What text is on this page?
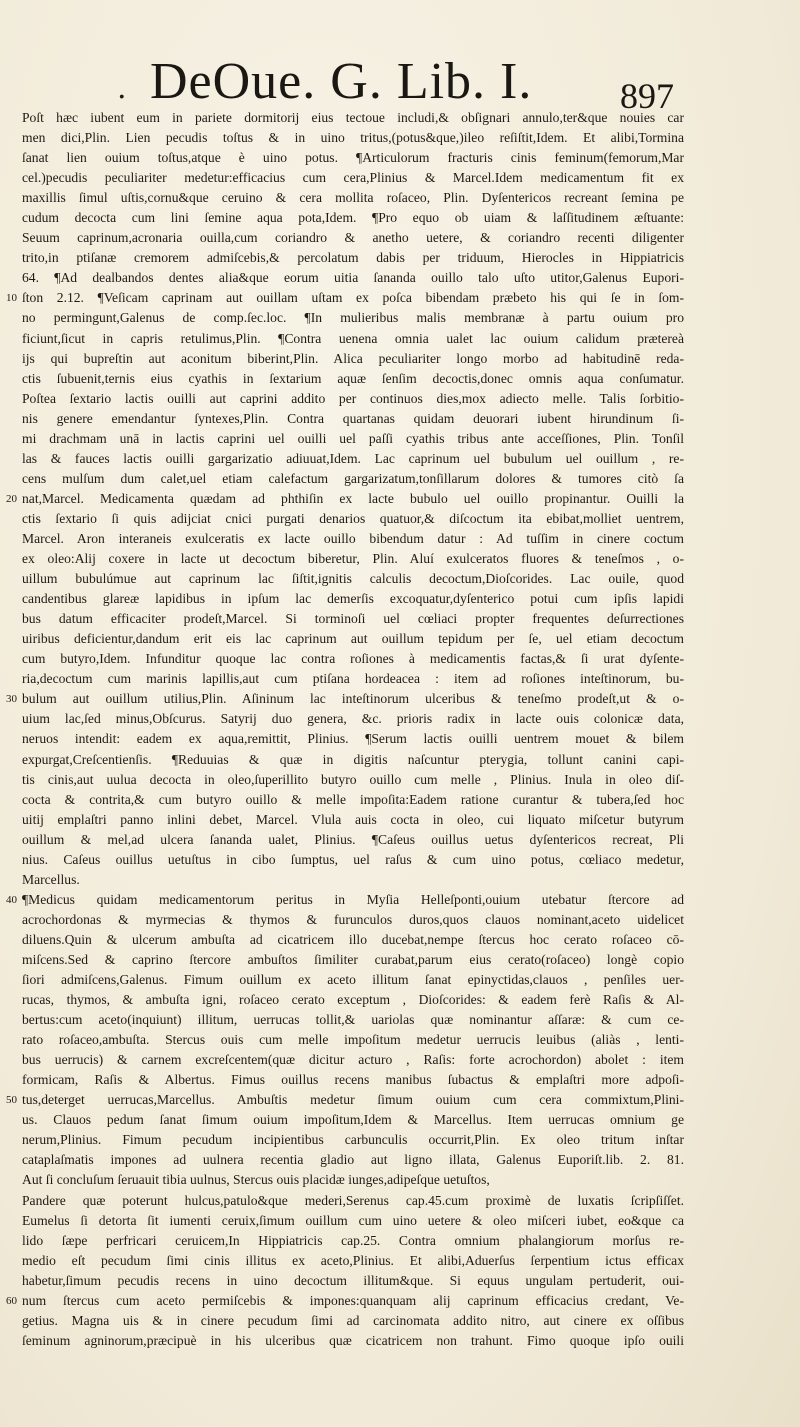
. DeOue. G. Lib. I. 897
Poſt hæc iubent eum in pariete dormitorij eius tectoue includi,& obſignari annulo,ter&que nouies car
men dici,Plin. Lien pecudis toſtus & in uino tritus,(potus&que,)ileo reſiſtit,Idem. Et alibi,Tormina
ſanat lien ouium toſtus,atque è uino potus. ¶Articulorum fracturis cinis feminum(femorum,Mar
cel.)pecudis peculiariter medetur:efficacius cum cera,Plinius & Marcel.Idem medicamentum fit ex
maxillis ſimul uſtis,cornu&que ceruino & cera mollita roſaceo, Plin. Dyſentericos recreant ſemina pe
cudum decocta cum lini ſemine aqua pota,Idem. ¶Pro equo ob uiam & laſſitudinem æſtuante:
Seuum caprinum,acronaria ouilla,cum coriandro & anetho uetere, & coriandro recenti diligenter
trito,in ptiſanæ cremorem admiſcebis,& percolatum dabis per triduum, Hierocles in Hippiatricis
64. ¶Ad dealbandos dentes alia&que eorum uitia ſananda ouillo talo uſto utitor,Galenus Eupori-
10 ſton 2.12. ¶Veſicam caprinam aut ouillam uſtam ex poſca bibendam præbeto his qui ſe in ſom-
no permingunt,Galenus de comp.ſec.loc. ¶In mulieribus malis membranæ à partu ouium pro
ficiunt,ſicut in capris retulimus,Plin. ¶Contra uenena omnia ualet lac ouium calidum prætereà
ijs qui bupreſtin aut aconitum biberint,Plin. Alica peculiariter longo morbo ad habitudinē reda-
ctis ſubuenit,ternis eius cyathis in ſextarium aquæ ſenſim decoctis,donec omnis aqua conſumatur.
Poſtea ſextario lactis ouilli aut caprini addito per continuos dies,mox adiecto melle. Talis ſorbitio-
nis genere emendantur ſyntexes,Plin. Contra quartanas quidam deuorari iubent hirundinum ſi-
mi drachmam unā in lactis caprini uel ouilli uel paſſi cyathis tribus ante acceſſiones, Plin. Tonſil
las & fauces lactis ouilli gargarizatio adiuuat,Idem. Lac caprinum uel bubulum uel ouillum , re-
cens mulſum dum calet,uel etiam calefactum gargarizatum,tonſillarum dolores & tumores citò ſa
20 nat,Marcel. Medicamenta quædam ad phthiſin ex lacte bubulo uel ouillo propinantur. Ouilli la
ctis ſextario ſi quis adijciat cnici purgati denarios quatuor,& diſcoctum ita ebibat,molliet uentrem,
Marcel. Aron interaneis exulceratis ex lacte ouillo bibendum datur : Ad tuſſim in cinere coctum
ex oleo:Alij coxere in lacte ut decoctum biberetur, Plin. Aluí exulceratos fluores & teneſmos , o-
uillum bubulúmue aut caprinum lac ſiſtit,ignitis calculis decoctum,Dioſcorides. Lac ouile, quod
candentibus glareæ lapidibus in ipſum lac demerſis excoquatur,dyſenterico potui cum ipſis lapidi
bus datum efficaciter prodeſt,Marcel. Si torminoſi uel cœliaci propter frequentes deſurrectiones
uiribus deficientur,dandum erit eis lac caprinum aut ouillum tepidum per ſe, uel etiam decoctum
cum butyro,Idem. Infunditur quoque lac contra roſiones à medicamentis factas,& ſi urat dyſente-
ria,decoctum cum marinis lapillis,aut cum ptiſana hordeacea : item ad roſiones inteſtinorum, bu-
30 bulum aut ouillum utilius,Plin. Aſininum lac inteſtinorum ulceribus & teneſmo prodeſt,ut & o-
uium lac,ſed minus,Obſcurus. Satyrij duo genera, &c. prioris radix in lacte ouis colonicæ data,
neruos intendit: eadem ex aqua,remittit, Plinius. ¶Serum lactis ouilli uentrem mouet & bilem
expurgat,Creſcentienſis. ¶Reduuias & quæ in digitis naſcuntur pterygia, tollunt canini capi-
tis cinis,aut uulua decocta in oleo,ſuperillito butyro ouillo cum melle , Plinius. Inula in oleo diſ-
cocta & contrita,& cum butyro ouillo & melle impoſita:Eadem ratione curantur & tubera,ſed hoc
uitij emplaſtri panno inlini debet, Marcel. Vlula auis cocta in oleo, cui liquato miſcetur butyrum
ouillum & mel,ad ulcera ſananda ualet, Plinius. ¶Caſeus ouillus uetus dyſentericos recreat, Pli
nius. Caſeus ouillus uetuſtus in cibo ſumptus, uel raſus & cum uino potus, cœliaco medetur,
Marcellus.
40 ¶Medicus quidam medicamentorum peritus in Myſia Helleſponti,ouium utebatur ſtercore ad
acrochordonas & myrmecias & thymos & furunculos duros,quos clauos nominant,aceto uidelicet
diluens.Quin & ulcerum ambuſta ad cicatricem illo ducebat,nempe ſtercus hoc cerato roſaceo cō-
miſcens.Sed & caprino ſtercore ambuſtos ſimiliter curabat,parum eius cerato(roſaceo) longè copio
ſiori admiſcens,Galenus. Fimum ouillum ex aceto illitum ſanat epinyctidas,clauos , penſiles uer-
rucas, thymos, & ambuſta igni, roſaceo cerato exceptum , Dioſcorides: & eadem ferè Raſis & Al-
bertus:cum aceto(inquiunt) illitum, uerrucas tollit,& uariolas quæ nominantur aſſaræ: & cum ce-
rato roſaceo,ambuſta. Stercus ouis cum melle impoſitum medetur uerrucis leuibus (aliàs , lenti-
bus uerrucis) & carnem excreſcentem(quæ dicitur acturo , Raſis: forte acrochordon) abolet : item
formicam, Raſis & Albertus. Fimus ouillus recens manibus ſubactus & emplaſtri more adpoſi-
50 tus,deterget uerrucas,Marcellus. Ambuſtis medetur ſimum ouium cum cera commixtum,Plini-
us. Clauos pedum ſanat ſimum ouium impoſitum,Idem & Marcellus. Item uerrucas omnium ge
nerum,Plinius. Fimum pecudum incipientibus carbunculis occurrit,Plin. Ex oleo tritum inſtar
cataplaſmatis impones ad uulnera recentia gladio aut ligno illata, Galenus Euporiſt.lib. 2. 81.
Aut ſi concluſum ſeruauit tibia uulnus, Stercus ouis placidæ iunges,adipeſque uetuſtos,
Pandere quæ poterunt hulcus,patulo&que mederi,Serenus cap.45.cum proximè de luxatis ſcripſiſſet.
Eumelus ſi detorta ſit iumenti ceruix,ſimum ouillum cum uino uetere & oleo miſceri iubet, eo&que ca
lido ſæpe perfricari ceruicem,In Hippiatricis cap.25. Contra omnium phalangiorum morſus re-
medio eſt pecudum ſimi cinis illitus ex aceto,Plinius. Et alibi,Aduerſus ſerpentium ictus efficax
habetur,ſimum pecudis recens in uino decoctum illitum&que. Si equus ungulam pertuderit, oui-
60 num ſtercus cum aceto permiſcebis & impones:quanquam alij caprinum efficacius credant, Ve-
getius. Magna uis & in cinere pecudum ſimi ad carcinomata addito nitro, aut cinere ex oſſibus
ſeminum agninorum,præcipuè in his ulceribus quæ cicatricem non trahunt. Fimo quoque ipſo ouili
